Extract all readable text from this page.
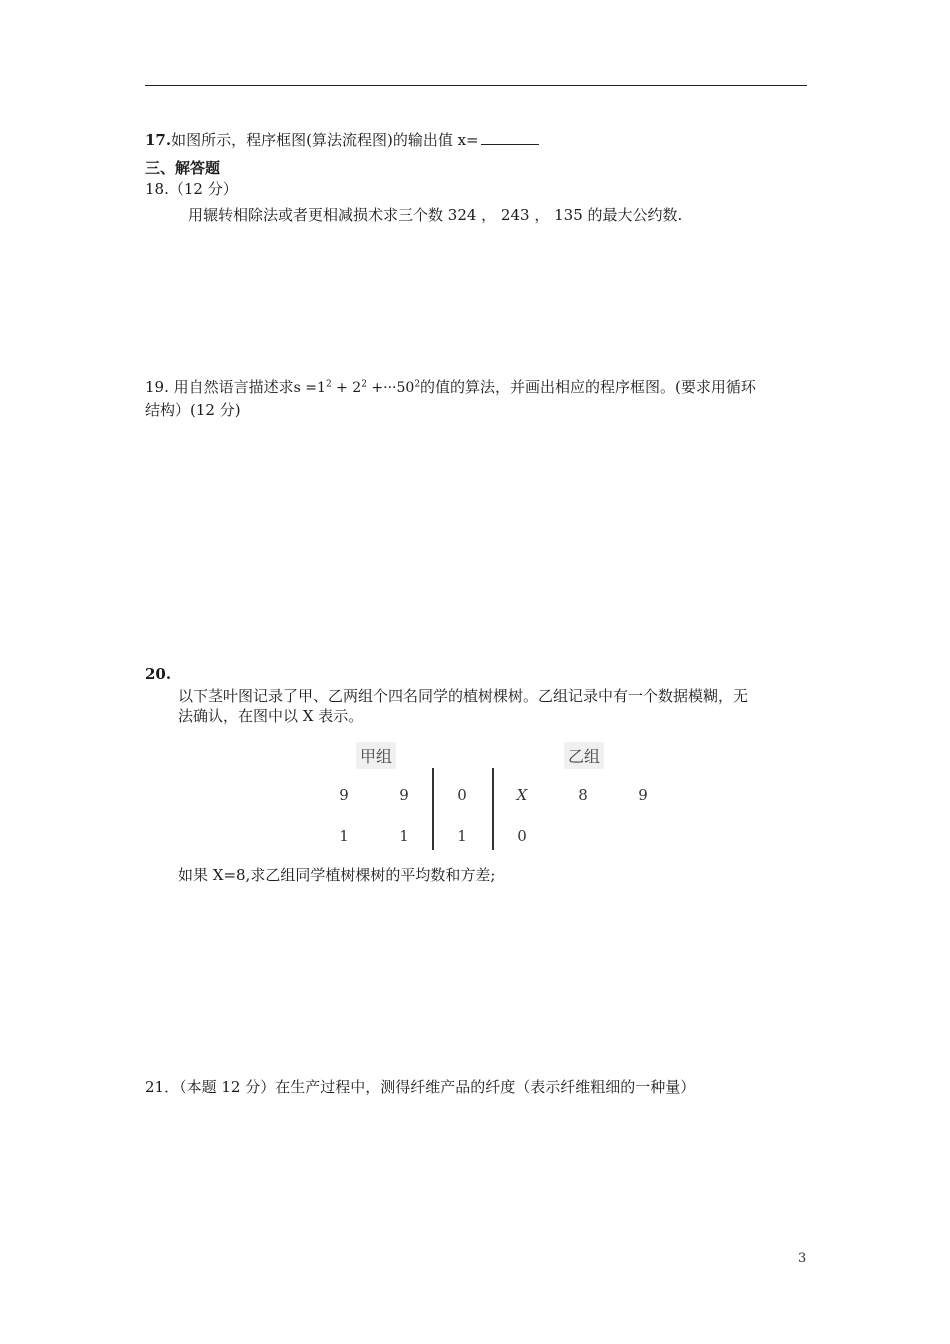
17.如图所示，程序框图(算法流程图)的输出值 x=
三、解答题
18.（12 分）
用辗转相除法或者更相减损术求三个数 324 ， 243 ， 135 的最大公约数.
19. 用自然语言描述求$s =1^2 + 2^2 +\cdot\cdot\cdot 50^2$的值的算法，并画出相应的程序框图。(要求用循环
结构）(12 分)
20.
以下茎叶图记录了甲、乙两组个四名同学的植树棵树。乙组记录中有一个数据模糊，无
法确认，在图中以 X 表示。
甲组	乙组
9	9	0	X	8	9
1	1	1	0
如果 X=8,求乙组同学植树棵树的平均数和方差;
21．（本题 12 分）在生产过程中，测得纤维产品的纤度（表示纤维粗细的一种量）
3
